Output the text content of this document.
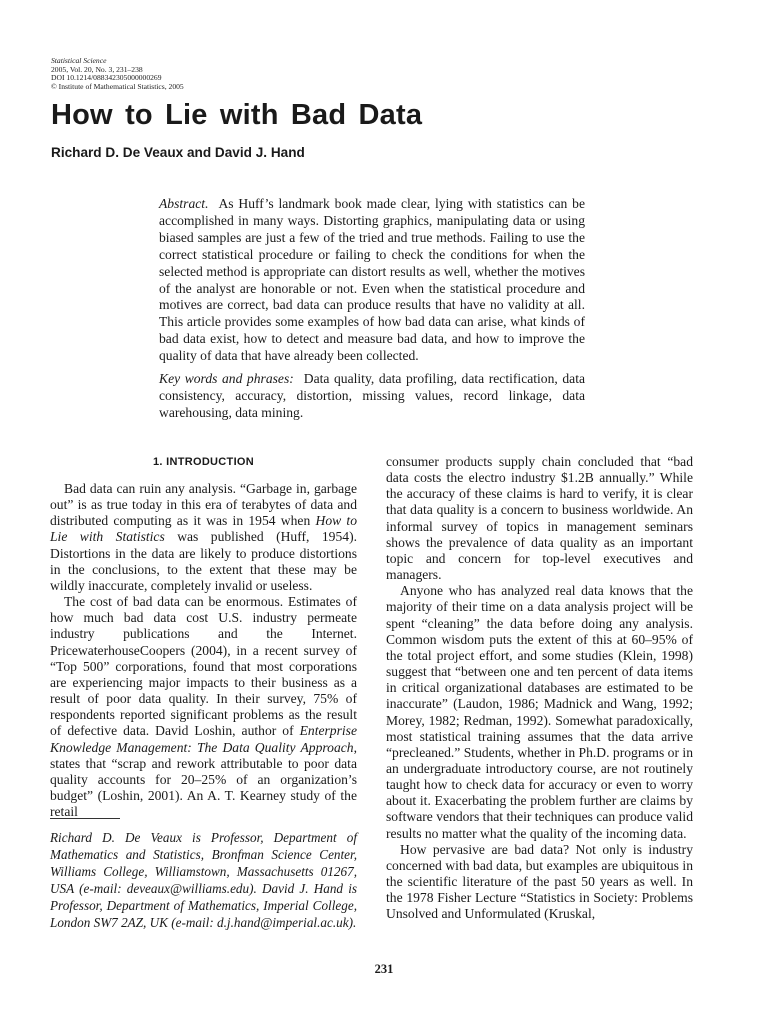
Statistical Science
2005, Vol. 20, No. 3, 231–238
DOI 10.1214/088342305000000269
© Institute of Mathematical Statistics, 2005
How to Lie with Bad Data
Richard D. De Veaux and David J. Hand

Abstract. As Huff’s landmark book made clear, lying with statistics can be accomplished in many ways. Distorting graphics, manipulating data or using biased samples are just a few of the tried and true methods. Failing to use the correct statistical procedure or failing to check the conditions for when the selected method is appropriate can distort results as well, whether the motives of the analyst are honorable or not. Even when the statistical procedure and motives are correct, bad data can produce results that have no validity at all. This article provides some examples of how bad data can arise, what kinds of bad data exist, how to detect and measure bad data, and how to improve the quality of data that have already been collected.

Key words and phrases: Data quality, data profiling, data rectification, data consistency, accuracy, distortion, missing values, record linkage, data warehousing, data mining.

1. INTRODUCTION

Bad data can ruin any analysis. “Garbage in, garbage out” is as true today in this era of terabytes of data and distributed computing as it was in 1954 when How to Lie with Statistics was published (Huff, 1954). Distortions in the data are likely to produce distortions in the conclusions, to the extent that these may be wildly inaccurate, completely invalid or useless.

The cost of bad data can be enormous. Estimates of how much bad data cost U.S. industry permeate industry publications and the Internet. PricewaterhouseCoopers (2004), in a recent survey of “Top 500” corporations, found that most corporations are experiencing major impacts to their business as a result of poor data quality. In their survey, 75% of respondents reported significant problems as the result of defective data. David Loshin, author of Enterprise Knowledge Management: The Data Quality Approach, states that “scrap and rework attributable to poor data quality accounts for 20–25% of an organization’s budget” (Loshin, 2001). An A. T. Kearney study of the retail

Richard D. De Veaux is Professor, Department of Mathematics and Statistics, Bronfman Science Center, Williams College, Williamstown, Massachusetts 01267, USA (e-mail: deveaux@williams.edu). David J. Hand is Professor, Department of Mathematics, Imperial College, London SW7 2AZ, UK (e-mail: d.j.hand@imperial.ac.uk).

consumer products supply chain concluded that “bad data costs the electro industry $1.2B annually.” While the accuracy of these claims is hard to verify, it is clear that data quality is a concern to business worldwide. An informal survey of topics in management seminars shows the prevalence of data quality as an important topic and concern for top-level executives and managers.

Anyone who has analyzed real data knows that the majority of their time on a data analysis project will be spent “cleaning” the data before doing any analysis. Common wisdom puts the extent of this at 60–95% of the total project effort, and some studies (Klein, 1998) suggest that “between one and ten percent of data items in critical organizational databases are estimated to be inaccurate” (Laudon, 1986; Madnick and Wang, 1992; Morey, 1982; Redman, 1992). Somewhat paradoxically, most statistical training assumes that the data arrive “precleaned.” Students, whether in Ph.D. programs or in an undergraduate introductory course, are not routinely taught how to check data for accuracy or even to worry about it. Exacerbating the problem further are claims by software vendors that their techniques can produce valid results no matter what the quality of the incoming data.

How pervasive are bad data? Not only is industry concerned with bad data, but examples are ubiquitous in the scientific literature of the past 50 years as well. In the 1978 Fisher Lecture “Statistics in Society: Problems Unsolved and Unformulated (Kruskal,

231
